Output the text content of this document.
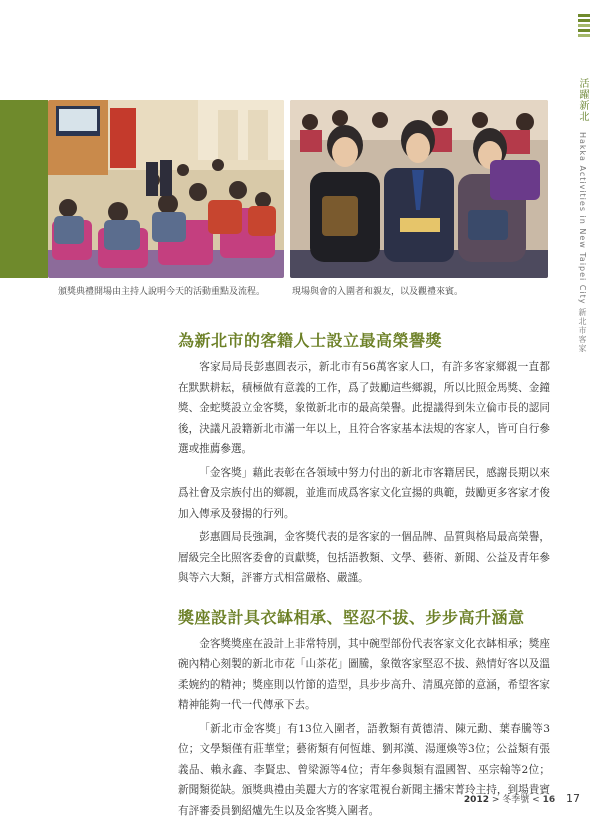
頒獎典禮開場由主持人說明今天的活動重點及流程。	現場與會的入圍者和親友，以及觀禮來賓。
活躍新北 Hakka Activities in New Taipei City 新北市客家
為新北市的客籍人士設立最高榮譽獎

客家局局長彭惠圓表示，新北市有56萬客家人口，有許多客家鄉親一直都在默默耕耘，積極做有意義的工作，爲了鼓勵這些鄉親，所以比照金馬獎、金鐘獎、金蛇獎設立金客獎，象徵新北市的最高榮譽。此提議得到朱立倫市長的認同後，決議凡設籍新北市滿一年以上，且符合客家基本法規的客家人，皆可自行參選或推薦參選。

「金客獎」藉此表彰在各領域中努力付出的新北市客籍居民，感謝長期以來爲社會及宗族付出的鄉親，並進而成爲客家文化宣揚的典範，鼓勵更多客家才俊加入傳承及發揚的行列。

彭惠圓局長強調，金客獎代表的是客家的一個品牌、品質與格局最高榮譽，層級完全比照客委會的貢獻獎，包括語教類、文學、藝術、新聞、公益及青年參與等六大類，評審方式相當嚴格、嚴謹。

獎座設計具衣缽相承、堅忍不拔、步步高升涵意

金客獎獎座在設計上非常特別，其中碗型部份代表客家文化衣缽相承；獎座碗內精心刻製的新北市花「山茶花」圖騰，象徵客家堅忍不拔、熱情好客以及溫柔婉約的精神；獎座則以竹節的造型，具步步高升、清風亮節的意涵，希望客家精神能夠一代一代傳承下去。

「新北市金客獎」有13位入圍者，語教類有黃德清、陳元勳、葉春騰等3位；文學類僅有莊華堂；藝術類有何恆雄、劉邦漢、湯運煥等3位；公益類有張義品、賴永鑫、李賢忠、曾梁源等4位；青年參與類有溫國智、巫宗翰等2位；新聞類從缺。頒獎典禮由美麗大方的客家電視台新聞主播宋菁玲主持，到場貴賓有評審委員劉紹爐先生以及金客獎入圍者。

2012 > 冬季號 < 16 17
